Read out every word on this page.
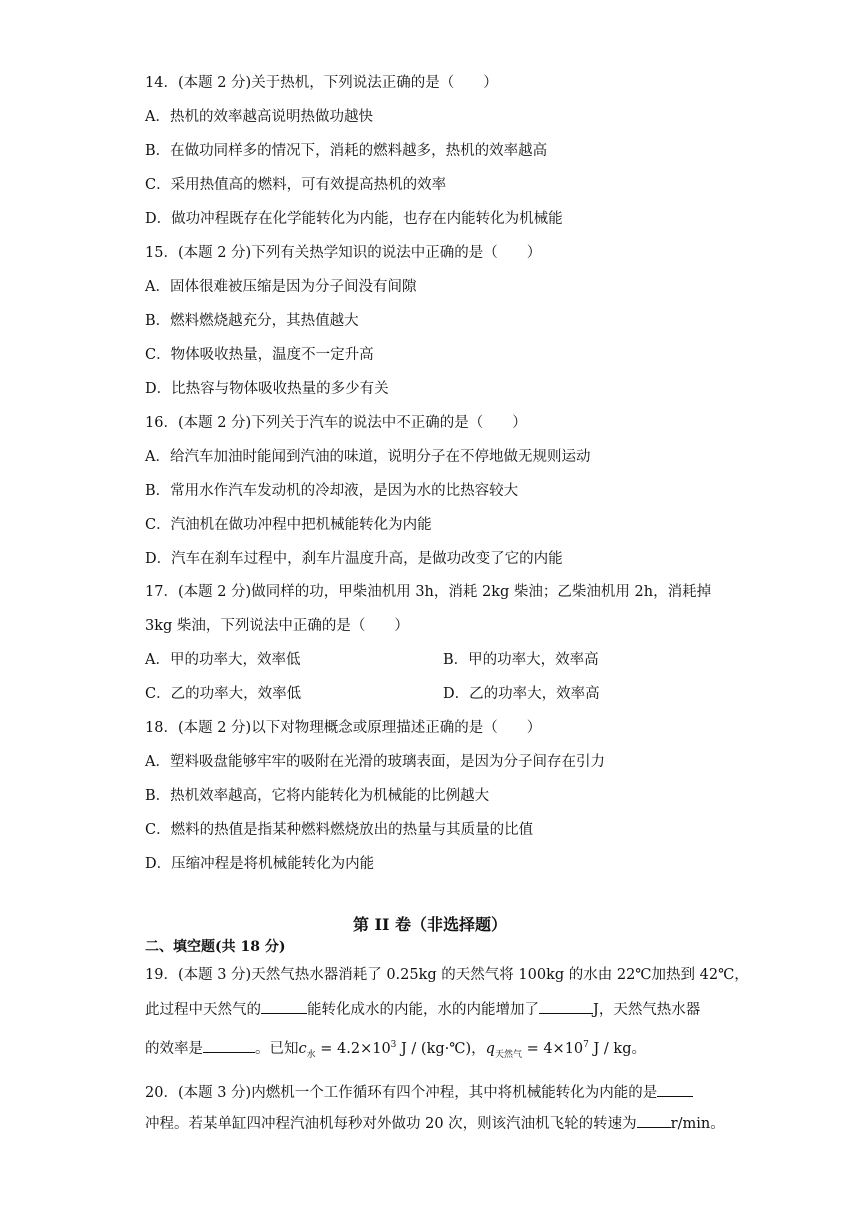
14．(本题 2 分)关于热机，下列说法正确的是（　　）
A．热机的效率越高说明热做功越快
B．在做功同样多的情况下，消耗的燃料越多，热机的效率越高
C．采用热值高的燃料，可有效提高热机的效率
D．做功冲程既存在化学能转化为内能，也存在内能转化为机械能
15．(本题 2 分)下列有关热学知识的说法中正确的是（　　）
A．固体很难被压缩是因为分子间没有间隙
B．燃料燃烧越充分，其热值越大
C．物体吸收热量，温度不一定升高
D．比热容与物体吸收热量的多少有关
16．(本题 2 分)下列关于汽车的说法中不正确的是（　　）
A．给汽车加油时能闻到汽油的味道，说明分子在不停地做无规则运动
B．常用水作汽车发动机的冷却液，是因为水的比热容较大
C．汽油机在做功冲程中把机械能转化为内能
D．汽车在刹车过程中，刹车片温度升高，是做功改变了它的内能
17．(本题 2 分)做同样的功，甲柴油机用 3h，消耗 2kg 柴油；乙柴油机用 2h，消耗掉
3kg 柴油，下列说法中正确的是（　　）
A．甲的功率大，效率低	B．甲的功率大，效率高
C．乙的功率大，效率低	D．乙的功率大，效率高
18．(本题 2 分)以下对物理概念或原理描述正确的是（　　）
A．塑料吸盘能够牢牢的吸附在光滑的玻璃表面，是因为分子间存在引力
B．热机效率越高，它将内能转化为机械能的比例越大
C．燃料的热值是指某种燃料燃烧放出的热量与其质量的比值
D．压缩冲程是将机械能转化为内能
第 II 卷（非选择题）
二、填空题(共 18 分)
19．(本题 3 分)天然气热水器消耗了 0.25kg 的天然气将 100kg 的水由 22℃加热到 42℃，
此过程中天然气的	能转化成水的内能，水的内能增加了	J，天然气热水器
的效率是	。已知$c_水 = 4.2\times 10^3$ J / (kg·℃)，$q_{天然气} = 4\times 10^7$ J / kg。
20．(本题 3 分)内燃机一个工作循环有四个冲程，其中将机械能转化为内能的是
冲程。若某单缸四冲程汽油机每秒对外做功 20 次，则该汽油机飞轮的转速为 r/min。
